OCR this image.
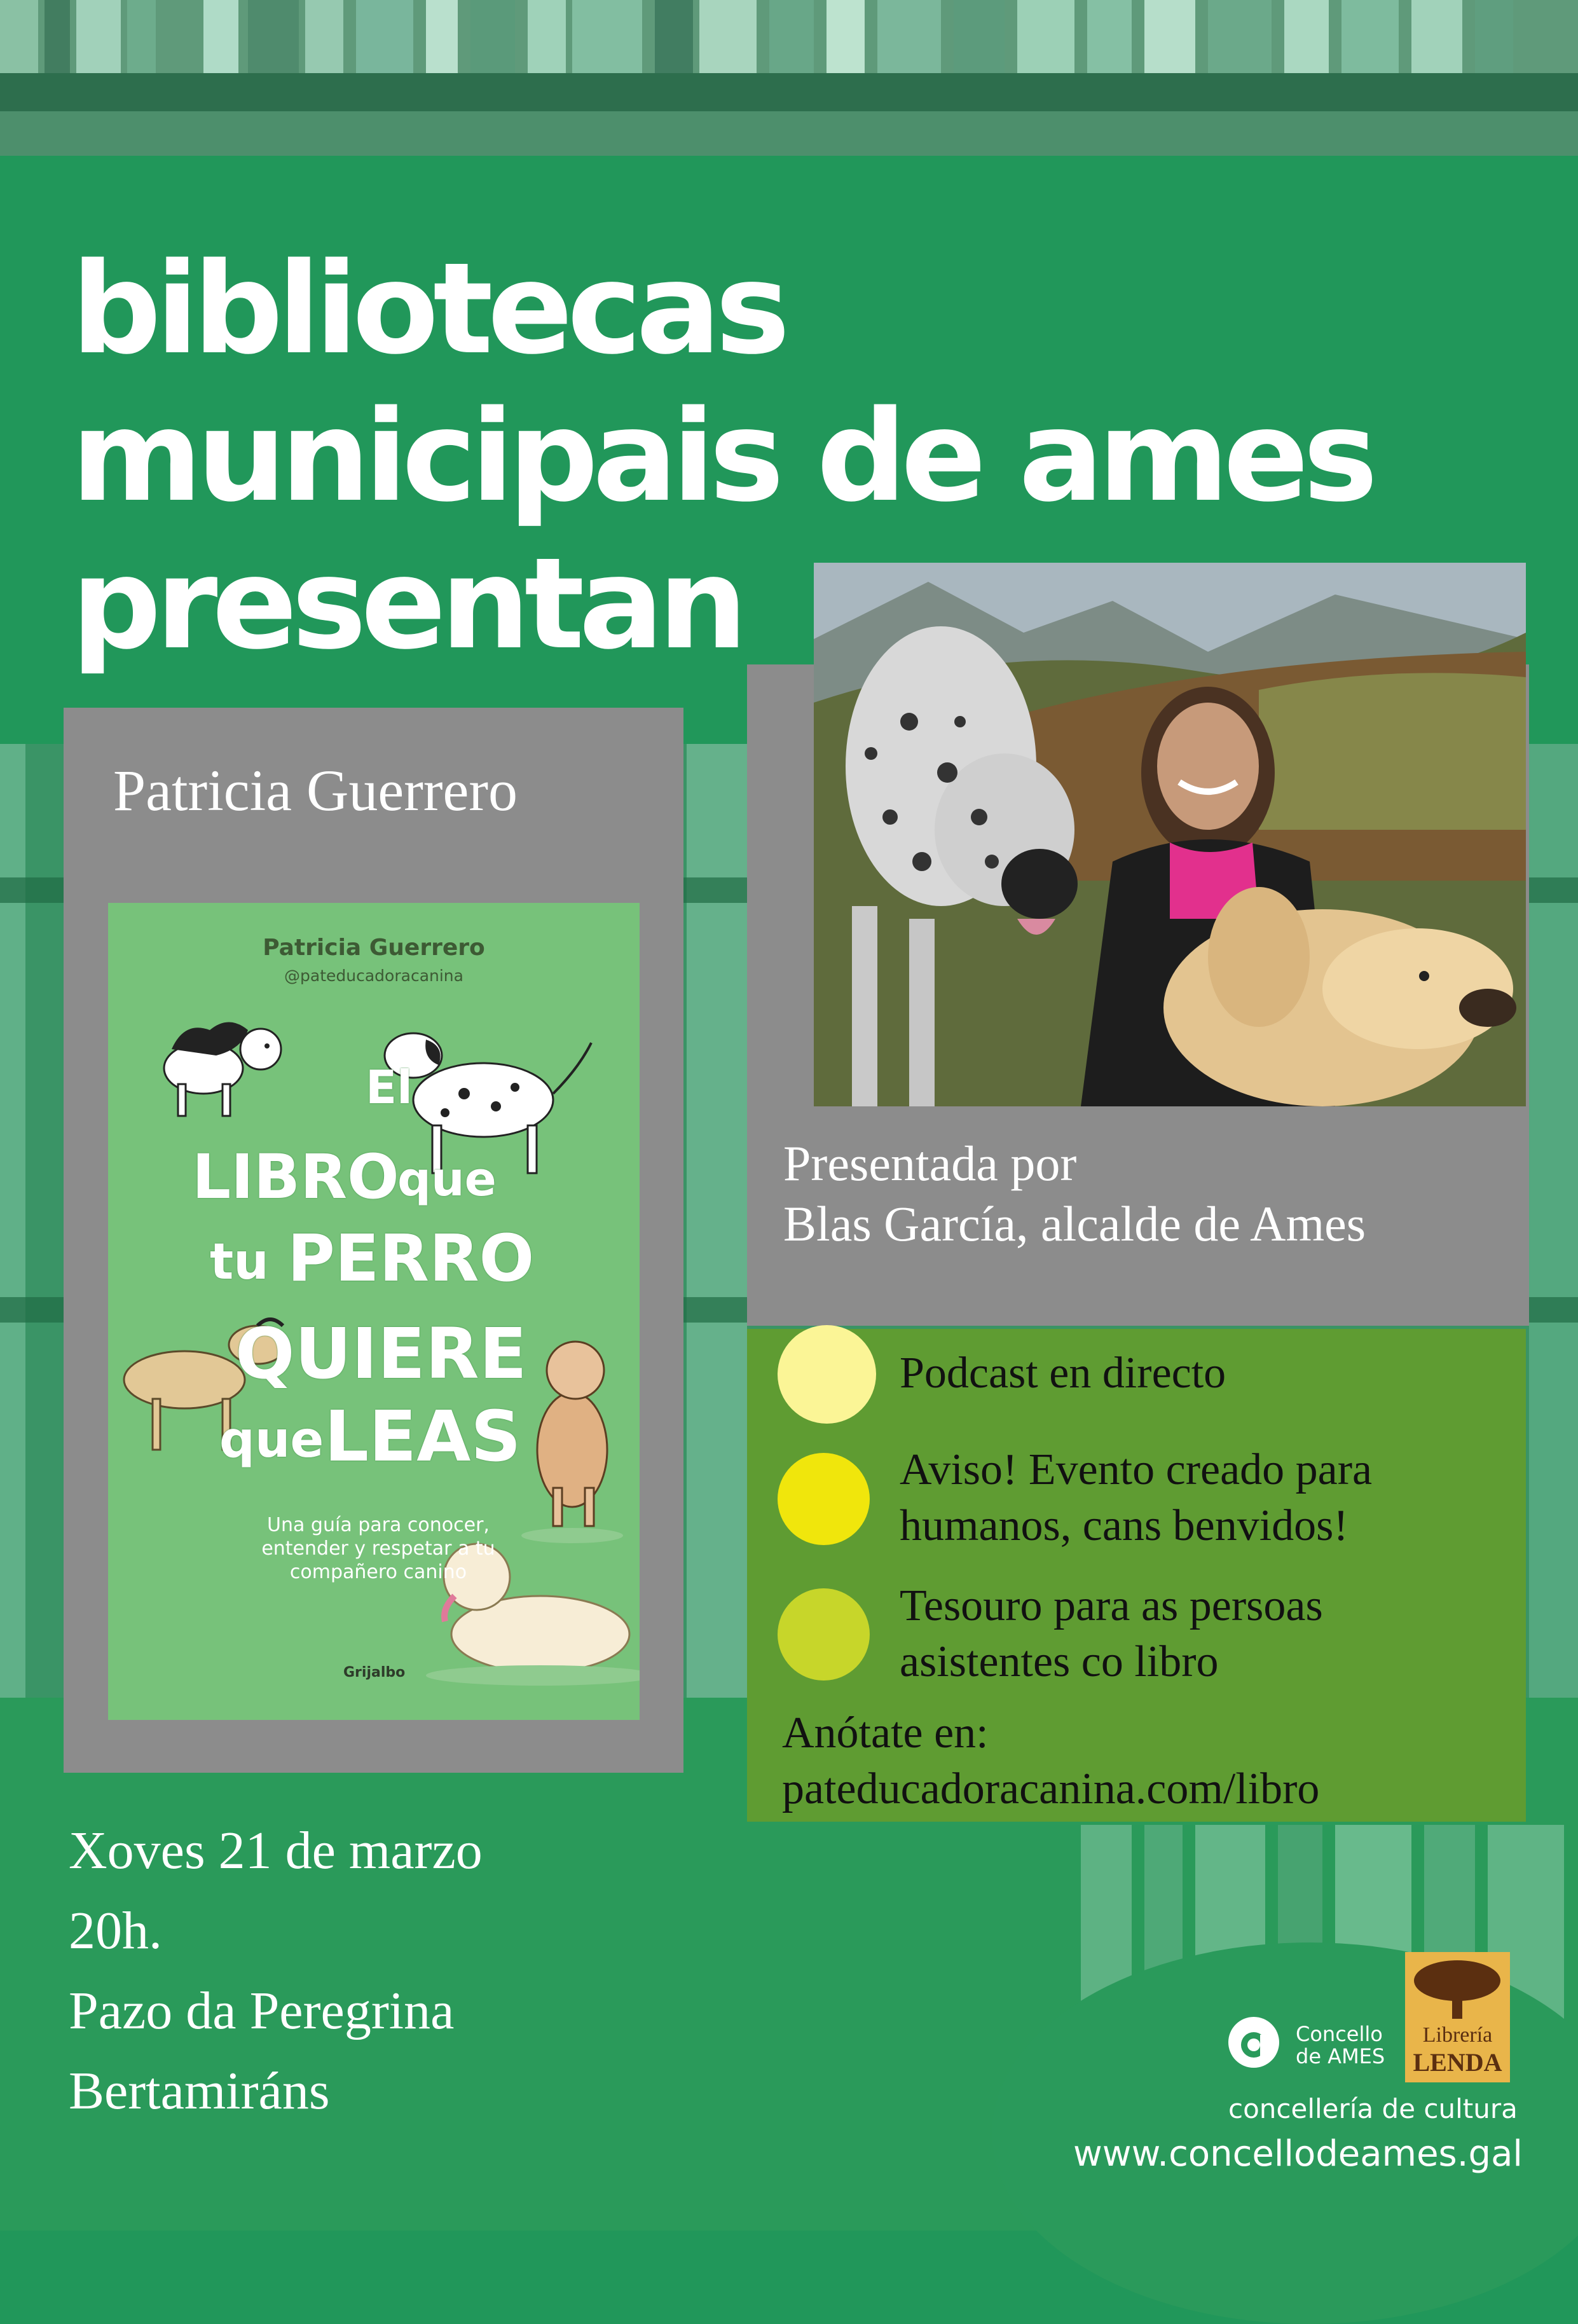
bibliotecas
municipais de ames
presentan
Patricia Guerrero
Patricia Guerrero
@pateducadoracanina
El
LIBRO
que
tu PERRO
QUIERE
que LEAS
Una guía para conocer, entender y respetar a tu compañero canino
Grijalbo
Presentada por
Blas García, alcalde de Ames
Podcast en directo
Aviso! Evento creado para humanos, cans benvidos!
Tesouro para as persoas asistentes co libro
Anótate en:
pateducadoracanina.com/libro
Xoves 21 de marzo
20h.
Pazo da Peregrina
Bertamiráns
Concello
de AMES
Librería
LENDA
concellería de cultura
www.concellodeames.gal
